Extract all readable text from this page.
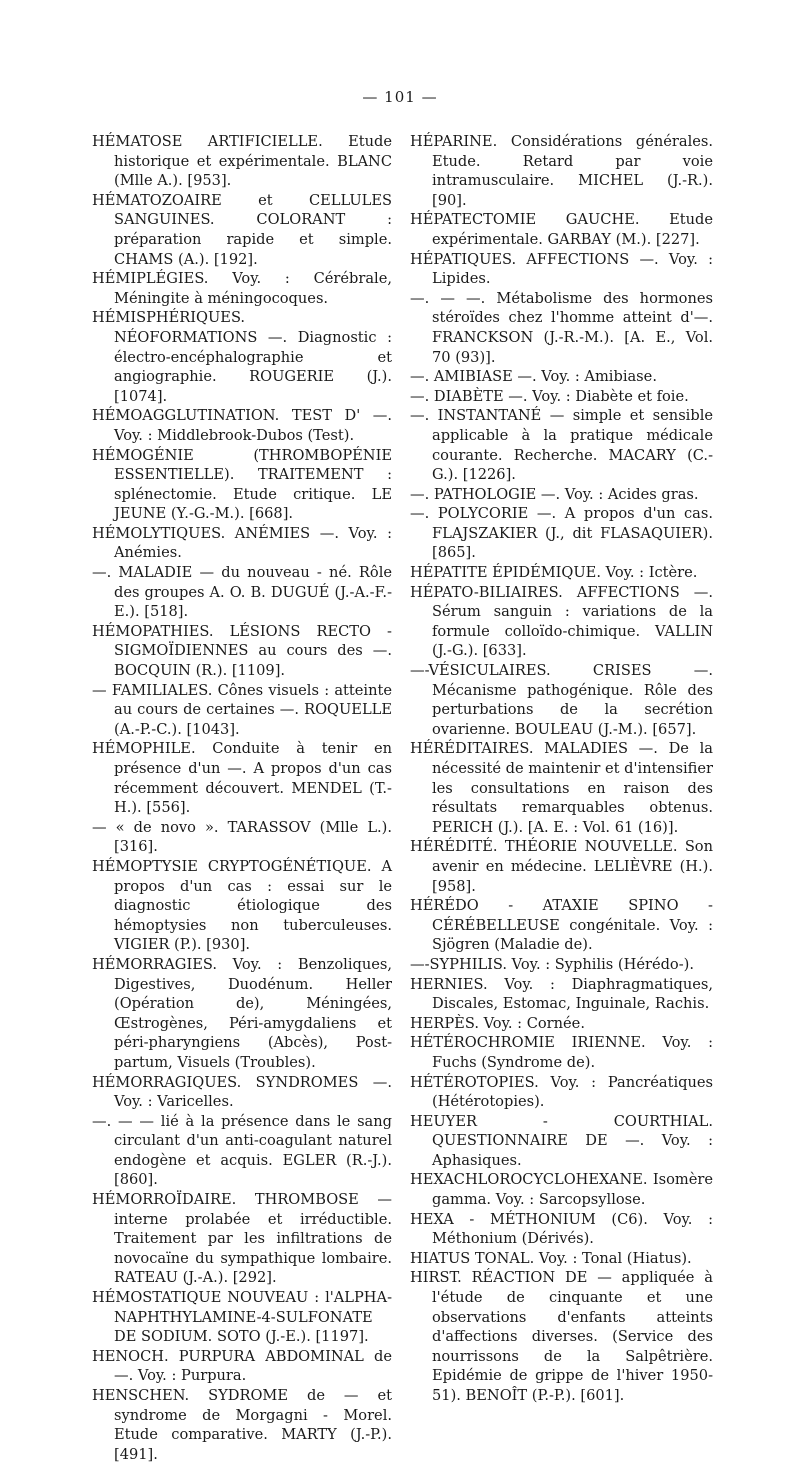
— 101 —

HÉMATOSE ARTIFICIELLE. Etude historique et expérimentale. BLANC (Mlle A.). [953].

HÉMATOZOAIRE et CELLULES SANGUINES. COLORANT : préparation rapide et simple. CHAMS (A.). [192].

HÉMIPLÉGIES. Voy. : Cérébrale, Méningite à méningocoques.

HÉMISPHÉRIQUES. NÉOFORMATIONS —. Diagnostic : électro-encéphalographie et angiographie. ROUGERIE (J.). [1074].

HÉMOAGGLUTINATION. TEST D' —. Voy. : Middlebrook-Dubos (Test).

HÉMOGÉNIE (THROMBOPÉNIE ESSENTIELLE). TRAITEMENT : splénectomie. Etude critique. LE JEUNE (Y.-G.-M.). [668].

HÉMOLYTIQUES. ANÉMIES —. Voy. : Anémies.

—. MALADIE — du nouveau - né. Rôle des groupes A. O. B. DUGUÉ (J.-A.-F.-E.). [518].

HÉMOPATHIES. LÉSIONS RECTO - SIGMOÏDIENNES au cours des —. BOCQUIN (R.). [1109].

— FAMILIALES. Cônes visuels : atteinte au cours de certaines —. ROQUELLE (A.-P.-C.). [1043].

HÉMOPHILE. Conduite à tenir en présence d'un —. A propos d'un cas récemment découvert. MENDEL (T.-H.). [556].

— « de novo ». TARASSOV (Mlle L.). [316].

HÉMOPTYSIE CRYPTOGÉNÉTIQUE. A propos d'un cas : essai sur le diagnostic étiologique des hémoptysies non tuberculeuses. VIGIER (P.). [930].

HÉMORRAGIES. Voy. : Benzoliques, Digestives, Duodénum. Heller (Opération de), Méningées, Œstrogènes, Péri-amygdaliens et péri-pharyngiens (Abcès), Post-partum, Visuels (Troubles).

HÉMORRAGIQUES. SYNDROMES —. Voy. : Varicelles.

—. — — lié à la présence dans le sang circulant d'un anti-coagulant naturel endogène et acquis. EGLER (R.-J.). [860].

HÉMORROÏDAIRE. THROMBOSE — interne prolabée et irréductible. Traitement par les infiltrations de novocaïne du sympathique lombaire. RATEAU (J.-A.). [292].

HÉMOSTATIQUE NOUVEAU : l'ALPHA-NAPHTHYLAMINE-4-SULFONATE DE SODIUM. SOTO (J.-E.). [1197].

HENOCH. PURPURA ABDOMINAL de —. Voy. : Purpura.

HENSCHEN. SYDROME de — et syndrome de Morgagni - Morel. Etude comparative. MARTY (J.-P.). [491].

HÉPARINE. Considérations générales. Etude. Retard par voie intramusculaire. MICHEL (J.-R.). [90].

HÉPATECTOMIE GAUCHE. Etude expérimentale. GARBAY (M.). [227].

HÉPATIQUES. AFFECTIONS —. Voy. : Lipides.

—. — —. Métabolisme des hormones stéroïdes chez l'homme atteint d'—. FRANCKSON (J.-R.-M.). [A. E., Vol. 70 (93)].

—. AMIBIASE —. Voy. : Amibiase.

—. DIABÈTE —. Voy. : Diabète et foie.

—. INSTANTANÉ — simple et sensible applicable à la pratique médicale courante. Recherche. MACARY (C.-G.). [1226].

—. PATHOLOGIE —. Voy. : Acides gras.

—. POLYCORIE —. A propos d'un cas. FLAJSZAKIER (J., dit FLASAQUIER). [865].

HÉPATITE ÉPIDÉMIQUE. Voy. : Ictère.

HÉPATO-BILIAIRES. AFFECTIONS —. Sérum sanguin : variations de la formule colloïdo-chimique. VALLIN (J.-G.). [633].

—-VÉSICULAIRES. CRISES —. Mécanisme pathogénique. Rôle des perturbations de la secrétion ovarienne. BOULEAU (J.-M.). [657].

HÉRÉDITAIRES. MALADIES —. De la nécessité de maintenir et d'intensifier les consultations en raison des résultats remarquables obtenus. PERICH (J.). [A. E. : Vol. 61 (16)].

HÉRÉDITÉ. THÉORIE NOUVELLE. Son avenir en médecine. LELIÈVRE (H.). [958].

HÉRÉDO - ATAXIE SPINO - CÉRÉBELLEUSE congénitale. Voy. : Sjögren (Maladie de).

—-SYPHILIS. Voy. : Syphilis (Hérédo-).

HERNIES. Voy. : Diaphragmatiques, Discales, Estomac, Inguinale, Rachis.

HERPÈS. Voy. : Cornée.

HÉTÉROCHROMIE IRIENNE. Voy. : Fuchs (Syndrome de).

HÉTÉROTOPIES. Voy. : Pancréatiques (Hétérotopies).

HEUYER - COURTHIAL. QUESTIONNAIRE DE —. Voy. : Aphasiques.

HEXACHLOROCYCLOHEXANE. Isomère gamma. Voy. : Sarcopsyllose.

HEXA - MÉTHONIUM (C6). Voy. : Méthonium (Dérivés).

HIATUS TONAL. Voy. : Tonal (Hiatus).

HIRST. RÉACTION DE — appliquée à l'étude de cinquante et une observations d'enfants atteints d'affections diverses. (Service des nourrissons de la Salpêtrière. Epidémie de grippe de l'hiver 1950-51). BENOÎT (P.-P.). [601].
